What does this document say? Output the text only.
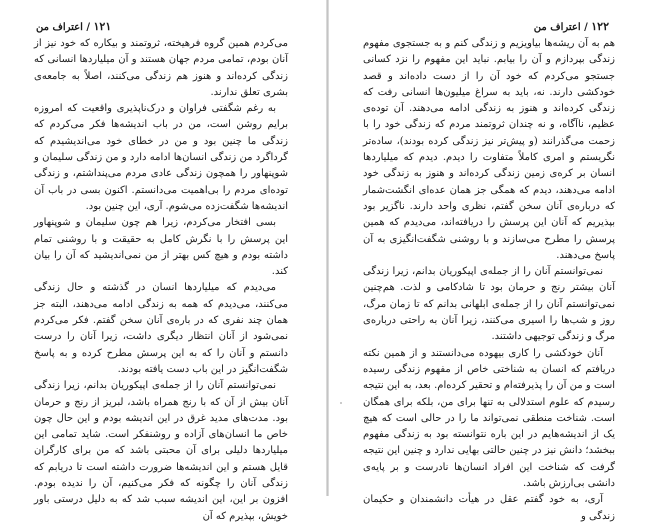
۱۲۱ / اعتراف من

می‌کردم همین گروه فرهیخته، ثروتمند و بیکاره که خود نیز از آنان بودم، تمامی مردم جهان هستند و آن میلیاردها انسانی که زندگی کرده‌اند و هنوز هم زندگی می‌کنند، اصلاً به جامعه‌ی بشری تعلق ندارند.

به رغم شگفتی فراوان و درک‌ناپذیری واقعیت که امروزه برایم روشن است، من در باب اندیشه‌ها فکر می‌کردم که زندگی ما چنین بود و من در خطای خود می‌اندیشیدم که گرداگرد من زندگی انسان‌ها ادامه دارد و من زندگی سلیمان و شوپنهاور را همچون زندگی عادی مردم می‌پنداشتم، و زندگی توده‌ای مردم را بی‌اهمیت می‌دانستم. اکنون بسی در باب آن اندیشه‌ها شگفت‌زده می‌شوم. آری، این چنین بود.

بسی افتخار می‌کردم، زیرا هم چون سلیمان و شوپنهاور این پرسش را با نگرش کامل به حقیقت و با روشنی تمام داشته بودم و هیچ کس بهتر از من نمی‌اندیشید که آن را بیان کند.

می‌دیدم که میلیاردها انسان در گذشته و حال زندگی می‌کنند، می‌دیدم که همه به زندگی ادامه می‌دهند، البته جز همان چند نفری که در باره‌ی آنان سخن گفتم. فکر می‌کردم نمی‌شود از آنان انتظار دیگری داشت، زیرا آنان را درست دانستم و آنان را که به این پرسش مطرح کرده و به پاسخ شگفت‌انگیز در این باب دست یافته بودند.

نمی‌توانستم آنان را از جمله‌ی اپیکوریان بدانم، زیرا زندگی آنان بیش از آن که با رنج همراه باشد، لبریز از رنج و حرمان بود. مدت‌های مدید غرق در این اندیشه بودم و این حال چون خاص ما انسان‌های آزاده و روشنفکر است. شاید تمامی این میلیاردها دلیلی برای آن محبتی باشد که من برای کارگران قایل هستم و این اندیشه‌ها ضرورت داشته است تا دریابم که زندگی آنان را چگونه که فکر می‌کنیم، آن را ندیده بودم. افزون بر این، این اندیشه سبب شد که به دلیل درستی باور خویش، بپذیرم که آن

۱۲۲ / اعتراف من

هم به آن ریشه‌ها بیاویزیم و زندگی کنم و به جستجوی مفهوم زندگی بپردازم و آن را بیابم. نباید این مفهوم را نزد کسانی جستجو می‌کردم که خود آن را از دست داده‌اند و قصد خودکشی دارند. نه، باید به سراغ میلیون‌ها انسانی رفت که زندگی کرده‌اند و هنوز به زندگی ادامه می‌دهند. آن توده‌ی عظیم، ناآگاه، و نه چندان ثروتمند مردم که زندگی خود را با زحمت می‌گذرانند (و پیش‌تر نیز زندگی کرده بودند)، ساده‌تر نگریستم و امری کاملاً متفاوت را دیدم. دیدم که میلیاردها انسان بر کره‌ی زمین زندگی کرده‌اند و هنوز به زندگی خود ادامه می‌دهند، دیدم که همگی جز همان عده‌ای انگشت‌شمار که درباره‌ی آنان سخن گفتم، نظری واحد دارند. ناگزیر بود بپذیریم که آنان این پرسش را دریافته‌اند، می‌دیدم که همین پرسش را مطرح می‌سازند و با روشنی شگفت‌انگیزی به آن پاسخ می‌دهند.

نمی‌توانستم آنان را از جمله‌ی اپیکوریان بدانم، زیرا زندگی آنان بیشتر رنج و حرمان بود تا شادکامی و لذت. هم‌چنین نمی‌توانستم آنان را از جمله‌ی ابلهانی بدانم که تا زمان مرگ، روز و شب‌ها را اسیری می‌کنند، زیرا آنان به راحتی درباره‌ی مرگ و زندگی توجیهی داشتند.

آنان خودکشی را کاری بیهوده می‌دانستند و از همین نکته دریافتم که انسان به شناختی خاص از مفهوم زندگی رسیده است و من آن را پذیرفته‌ام و تحقیر کرده‌ام. بعد، به این نتیجه رسیدم که علوم استدلالی به تنها برای من، بلکه برای همگان است. شناخت منطقی نمی‌تواند ما را در حالی است که هیچ یک از اندیشه‌هایم در این باره نتوانسته بود به زندگی مفهوم ببخشد؛ دانش نیز در چنین حالتی بهایی ندارد و چنین این نتیجه گرفت که شناخت این افراد انسان‌ها نادرست و بر پایه‌ی دانشی بی‌ارزش باشد.

آری، به خود گفتم عقل در هیأت دانشمندان و حکیمان زندگی و
